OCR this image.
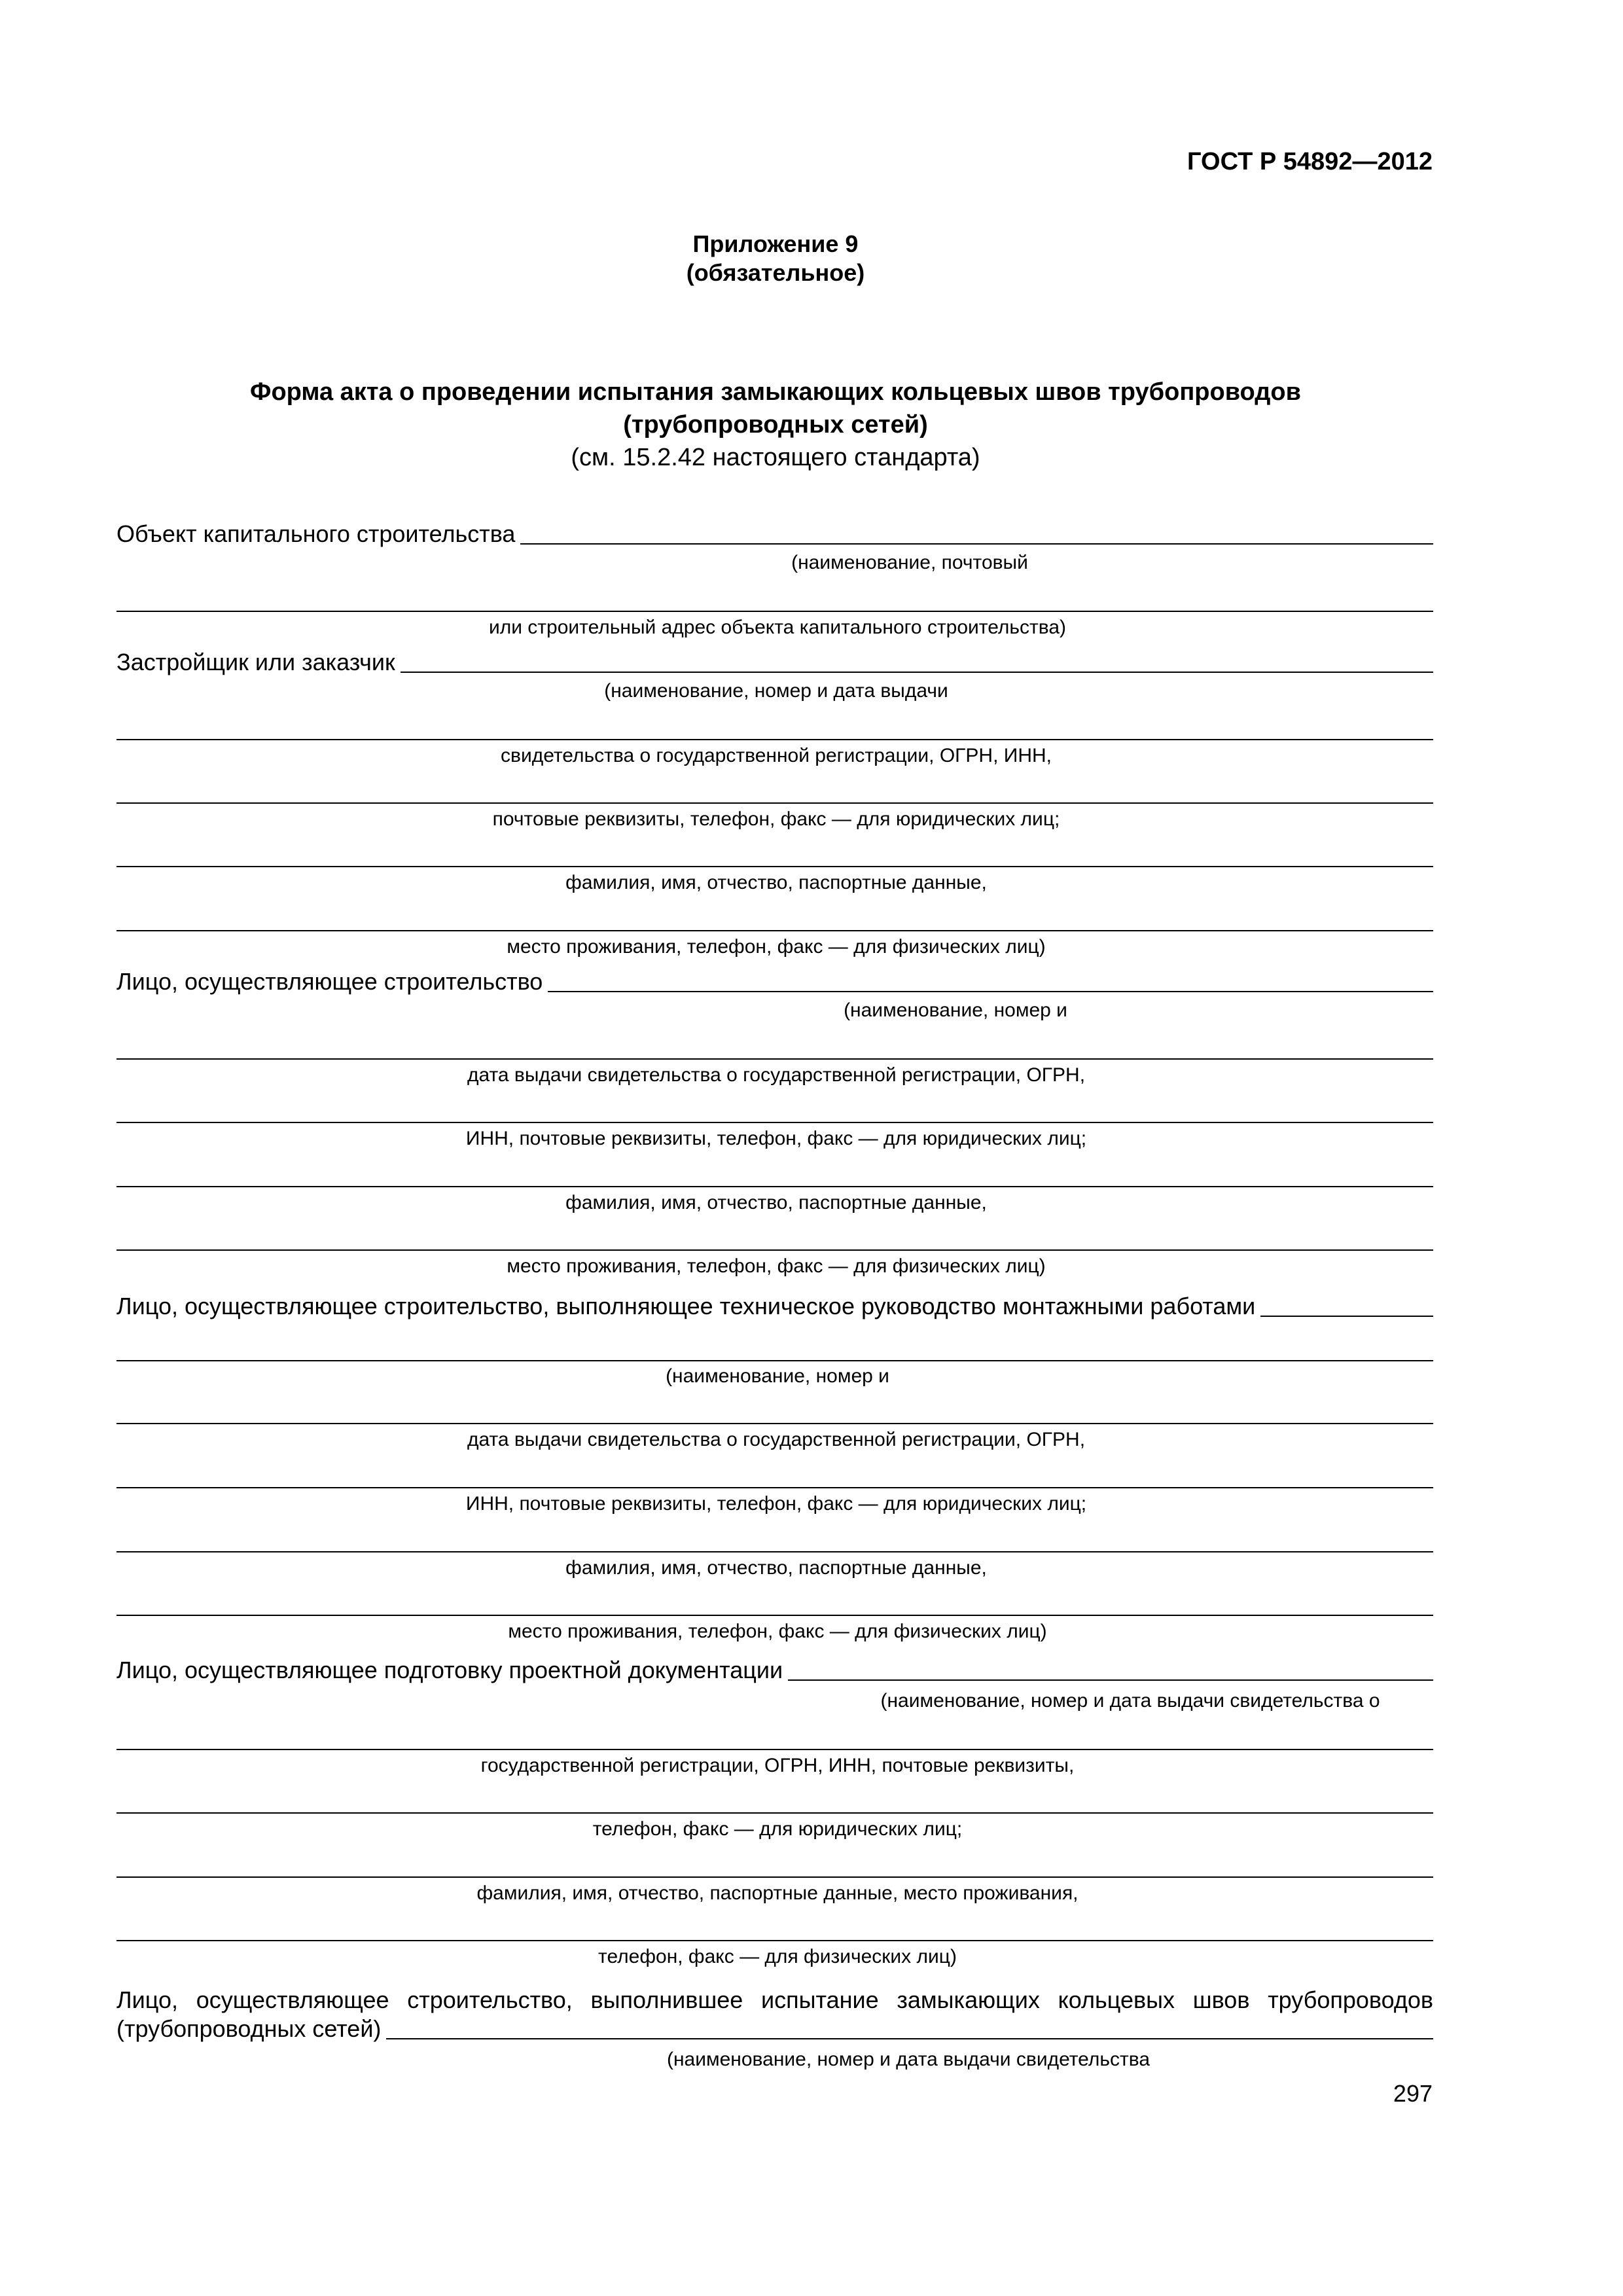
ГОСТ Р 54892—2012
Приложение 9
(обязательное)
Форма акта о проведении испытания замыкающих кольцевых швов трубопроводов
(трубопроводных сетей)
(см. 15.2.42 настоящего стандарта)
Объект капитального строительства
(наименование, почтовый
или строительный адрес объекта капитального строительства)
Застройщик или заказчик
(наименование, номер и дата выдачи
свидетельства о государственной регистрации, ОГРН, ИНН,
почтовые реквизиты, телефон, факс — для юридических лиц;
фамилия, имя, отчество, паспортные данные,
место проживания, телефон, факс — для физических лиц)
Лицо, осуществляющее строительство
(наименование, номер и
дата выдачи свидетельства о государственной регистрации, ОГРН,
ИНН, почтовые реквизиты, телефон, факс — для юридических лиц;
фамилия, имя, отчество, паспортные данные,
место проживания, телефон, факс — для физических лиц)
Лицо, осуществляющее строительство, выполняющее техническое руководство монтажными работами
(наименование, номер и
дата выдачи свидетельства о государственной регистрации, ОГРН,
ИНН, почтовые реквизиты, телефон, факс — для юридических лиц;
фамилия, имя, отчество, паспортные данные,
место проживания, телефон, факс — для физических лиц)
Лицо, осуществляющее подготовку проектной документации
(наименование, номер и дата выдачи свидетельства о
государственной регистрации, ОГРН, ИНН, почтовые реквизиты,
телефон, факс — для юридических лиц;
фамилия, имя, отчество, паспортные данные, место проживания,
телефон, факс — для физических лиц)
Лицо, осуществляющее строительство, выполнившее испытание замыкающих кольцевых швов трубопроводов
(трубопроводных сетей)
(наименование, номер и дата выдачи свидетельства
297
